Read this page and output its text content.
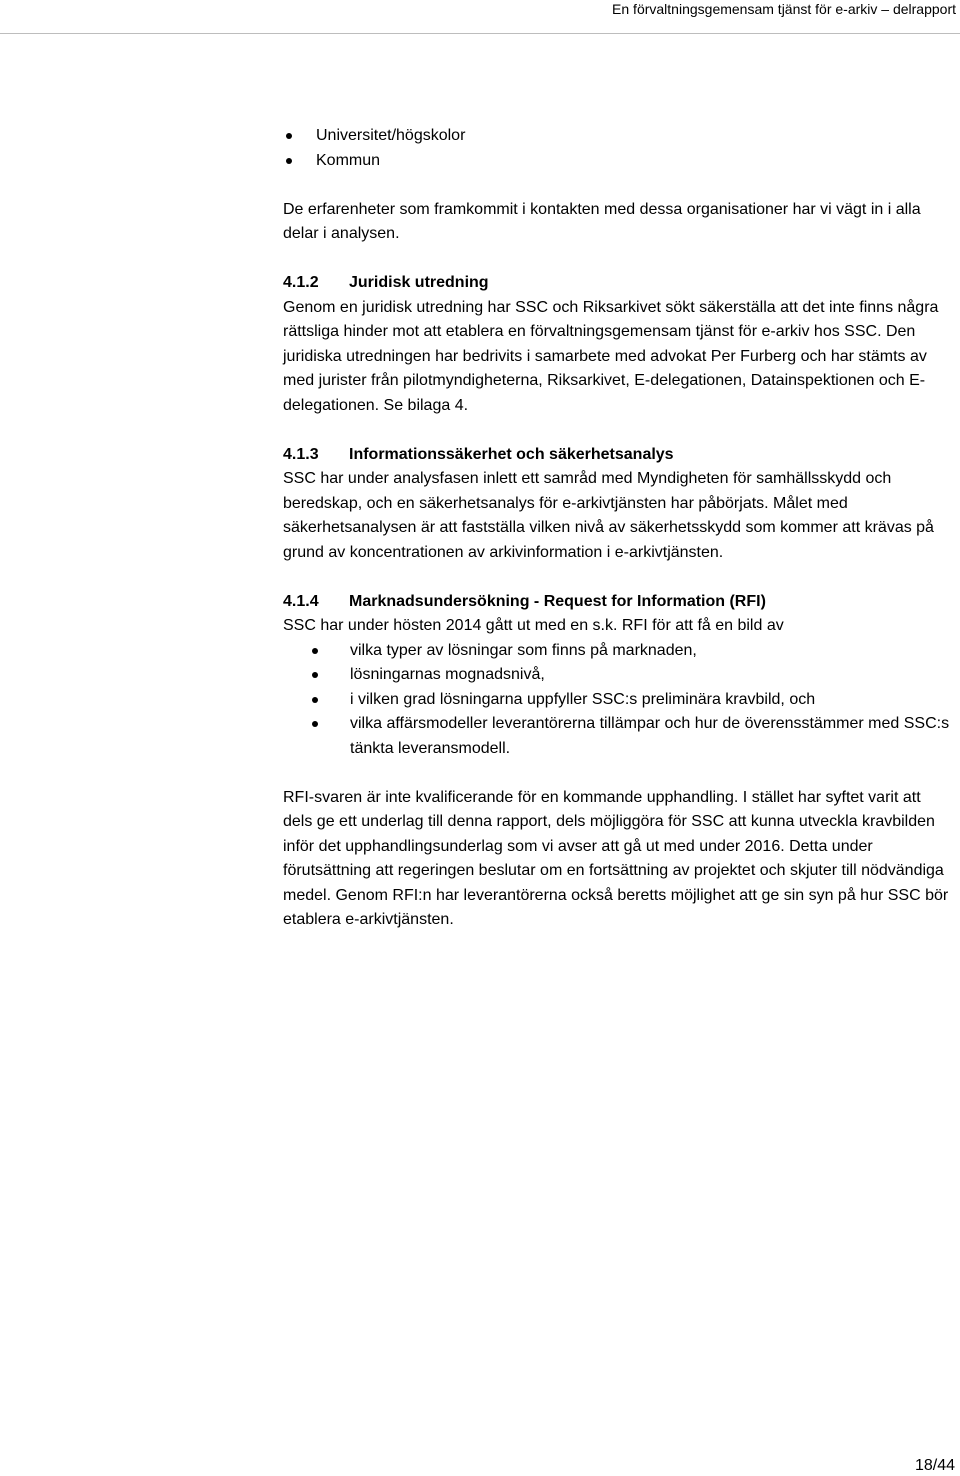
En förvaltningsgemensam tjänst för e-arkiv – delrapport
Universitet/högskolor
Kommun

De erfarenheter som framkommit i kontakten med dessa organisationer har vi vägt in i alla delar i analysen.

4.1.2	Juridisk utredning

Genom en juridisk utredning har SSC och Riksarkivet sökt säkerställa att det inte finns några rättsliga hinder mot att etablera en förvaltningsgemensam tjänst för e-arkiv hos SSC. Den juridiska utredningen har bedrivits i samarbete med advokat Per Furberg och har stämts av med jurister från pilotmyndigheterna, Riksarkivet, E-delegationen, Datainspektionen och E-delegationen. Se bilaga 4.

4.1.3	Informationssäkerhet och säkerhetsanalys

SSC har under analysfasen inlett ett samråd med Myndigheten för samhällsskydd och beredskap, och en säkerhetsanalys för e-arkivtjänsten har påbörjats. Målet med säkerhetsanalysen är att fastställa vilken nivå av säkerhetsskydd som kommer att krävas på grund av koncentrationen av arkivinformation i e-arkivtjänsten.

4.1.4	Marknadsundersökning - Request for Information (RFI)

SSC har under hösten 2014 gått ut med en s.k. RFI för att få en bild av

vilka typer av lösningar som finns på marknaden,
lösningarnas mognadsnivå,
i vilken grad lösningarna uppfyller SSC:s preliminära kravbild, och
vilka affärsmodeller leverantörerna tillämpar och hur de överensstämmer med SSC:s tänkta leveransmodell.

RFI-svaren är inte kvalificerande för en kommande upphandling. I stället har syftet varit att dels ge ett underlag till denna rapport, dels möjliggöra för SSC att kunna utveckla kravbilden inför det upphandlingsunderlag som vi avser att gå ut med under 2016. Detta under förutsättning att regeringen beslutar om en fortsättning av projektet och skjuter till nödvändiga medel. Genom RFI:n har leverantörerna också beretts möjlighet att ge sin syn på hur SSC bör etablera e-arkivtjänsten.

18/44
